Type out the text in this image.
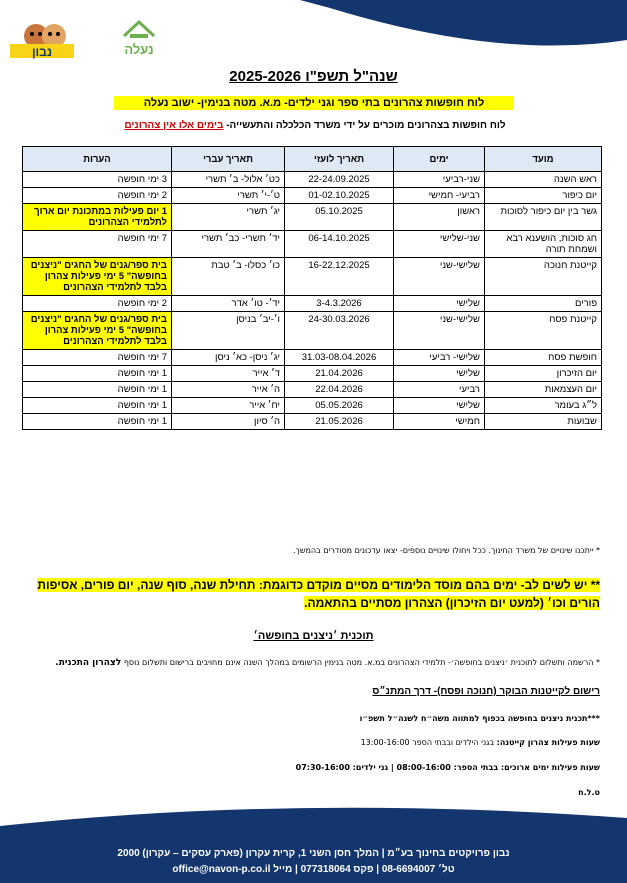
נבון	נעלה
שנה"ל תשפ"ו 2025-2026
לוח חופשות צהרונים בתי ספר וגני ילדים- מ.א. מטה בנימין- ישוב נעלה
לוח חופשות בצהרונים מוכרים על ידי משרד הכלכלה והתעשייה- בימים אלו אין צהרונים
מועד	ימים	תאריך לועזי	תאריך עברי	הערות
ראש השנה	שני-רביעי	22-24.09.2025	כט׳ אלול- ב׳ תשרי	3 ימי חופשה
יום כיפור	רביעי- חמישי	01-02.10.2025	ט׳-י׳ תשרי	2 ימי חופשה
גשר בין יום כיפור לסוכות	ראשון	05.10.2025	יג׳ תשרי	1 יום פעילות במתכונת יום ארוך לתלמידי הצהרונים
חג סוכות, הושענא רבא ושמחת תורה	שני-שלישי	06-14.10.2025	יד׳ תשרי- כב׳ תשרי	7 ימי חופשה
קייטנת חנוכה	שלישי-שני	16-22.12.2025	כו׳ כסלו- ב׳ טבת	בית ספר/גנים של החגים "ניצנים בחופשה" 5 ימי פעילות צהרון בלבד לתלמידי הצהרונים
פורים	שלישי	3-4.3.2026	יד׳- טו׳ אדר	2 ימי חופשה
קייטנת פסח	שלישי-שני	24-30.03.2026	ו׳-יב׳ בניסן	בית ספר/גנים של החגים "ניצנים בחופשה" 5 ימי פעילות צהרון בלבד לתלמידי הצהרונים
חופשת פסח	שלישי- רביעי	31.03-08.04.2026	יג׳ ניסן- כא׳ ניסן	7 ימי חופשה
יום הזיכרון	שלישי	21.04.2026	ד׳ אייר	1 ימי חופשה
יום העצמאות	רביעי	22.04.2026	ה׳ אייר	1 ימי חופשה
ל״ג בעומר	שלישי	05.05.2026	יח׳ אייר	1 ימי חופשה
שבועות	חמישי	21.05.2026	ה׳ סיון	1 ימי חופשה
* ייתכנו שינויים של משרד החינוך. ככל ויחולו שינויים נוספים- יצאו עדכונים מסודרים בהמשך.
** יש לשים לב- ימים בהם מוסד הלימודים מסיים מוקדם כדוגמת: תחילת שנה, סוף שנה, יום פורים, אסיפות הורים וכו׳ (למעט יום הזיכרון) הצהרון מסתיים בהתאמה.
תוכנית ׳ניצנים בחופשה׳
* הרשמה ותשלום לתוכנית ׳ניצנים בחופשה׳- תלמידי הצהרונים במ.א. מטה בנימין הרשומים במהלך השנה אינם מחויבים ברישום ותשלום נוסף לצהרון התכנית.
רישום לקייטנות הבוקר (חנוכה ופסח)- דרך המתנ״ס
***תכנית ניצנים בחופשה בכפוף למתווה משה״ח לשנה״ל תשפ״ו
שעות פעילות צהרון קייטנה: בגני הילדים ובבתי הספר 13:00-16:00
שעות פעילות ימים ארוכים: בבתי הספר: 08:00-16:00 | גני ילדים: 07:30-16:00
ט.ל.ח
נבון פרויקטים בחינוך בע״מ | המלך חסן השני 1, קרית עקרון (פארק עסקים – עקרון) 2000
טל׳ 08-6694007 | פקס 077318064 | מייל office@navon-p.co.il
